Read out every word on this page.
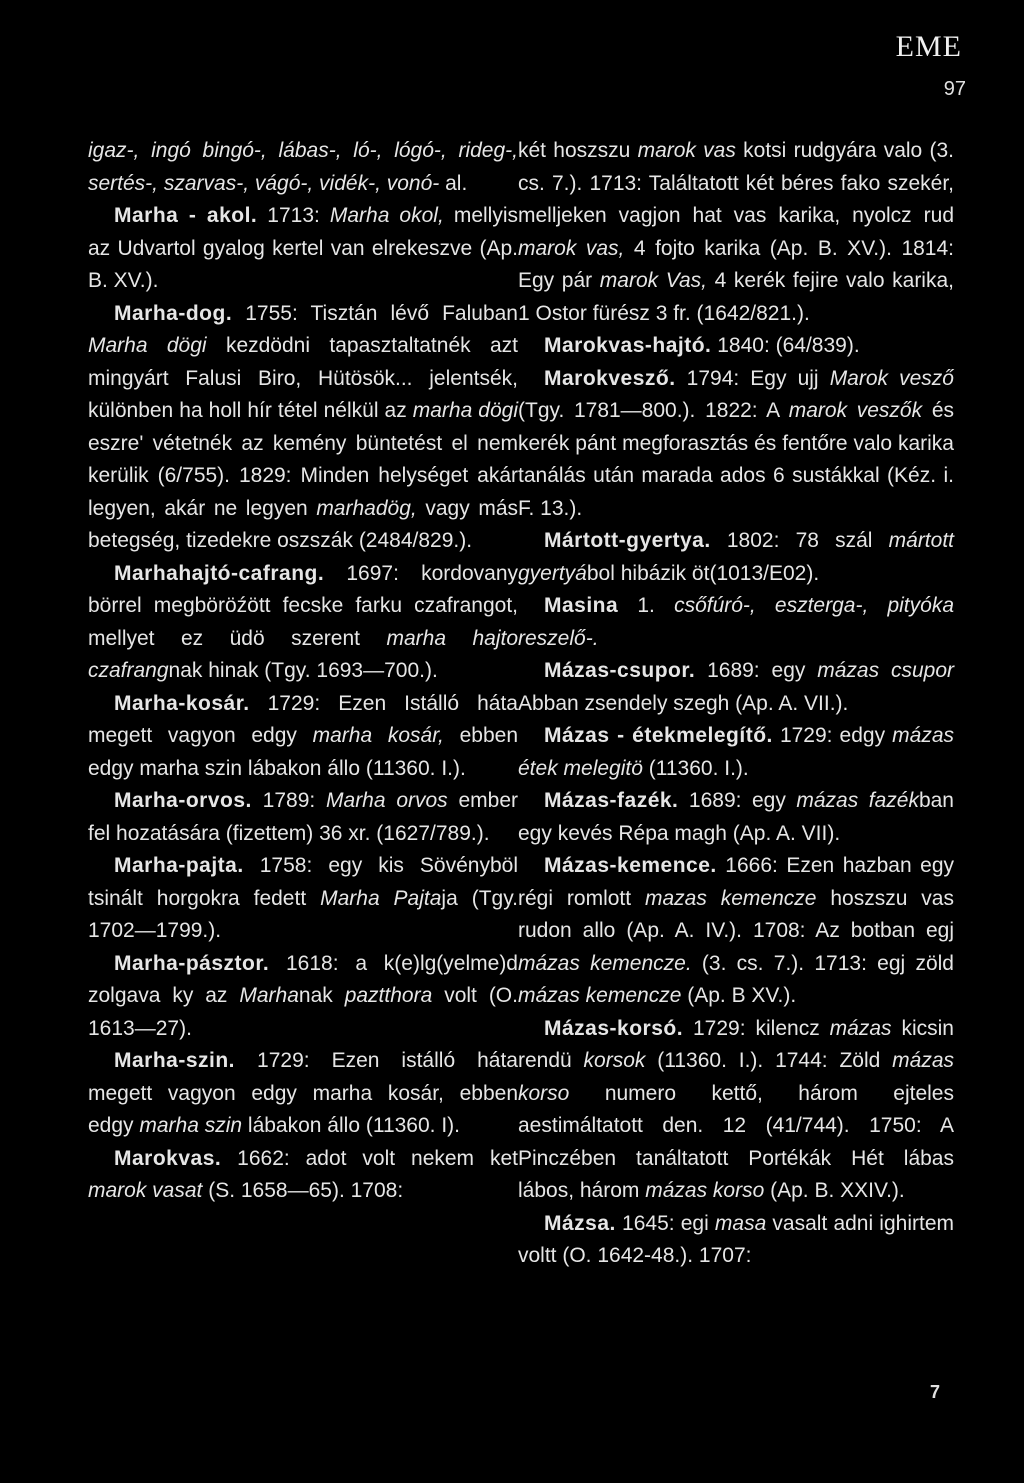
EME
97

igaz-, ingó bingó-, lábas-, ló-, lógó-, rideg-, sertés-, szarvas-, vágó-, vidék-, vonó- al.

Marha - akol. 1713: Marha okol, mellyis az Udvartol gyalog kertel van elrekeszve (Ap. B. XV.).

Marha-dog. 1755: Tisztán lévő Faluban Marha dögi kezdödni tapasztaltatnék azt mingyárt Falusi Biro, Hütösök... jelentsék, különben ha holl hír tétel nélkül az marha dögi eszre' vétetnék az kemény büntetést el nem kerülik (6/755). 1829: Minden helységet akár legyen, akár ne legyen marhadög, vagy más betegség, tizedekre oszszák (2484/829.).

Marhahajtó-cafrang. 1697: kordovany börrel megböröźött fecske farku czafrangot, mellyet ez üdö szerent marha hajto czafrangnak hinak (Tgy. 1693—700.).

Marha-kosár. 1729: Ezen Istálló háta megett vagyon edgy marha kosár, ebben edgy marha szin lábakon állo (11360. I.).

Marha-orvos. 1789: Marha orvos ember fel hozatására (fizettem) 36 xr. (1627/789.).

Marha-pajta. 1758: egy kis Sövényböl tsinált horgokra fedett Marha Pajtaja (Tgy. 1702—1799.).

Marha-pásztor. 1618: a k(e)lg(yelme)d zolgava ky az Marhanak paztthora volt (O. 1613—27).

Marha-szin. 1729: Ezen istálló háta megett vagyon edgy marha kosár, ebben edgy marha szin lábakon állo (11360. I).

Marokvas. 1662: adot volt nekem ket marok vasat (S. 1658—65). 1708:

két hoszszu marok vas kotsi rudgyára valo (3. cs. 7.). 1713: Találtatott két béres fako szekér, melljeken vagjon hat vas karika, nyolcz rud marok vas, 4 fojto karika (Ap. B. XV.). 1814: Egy pár marok Vas, 4 kerék fejire valo karika, 1 Ostor fürész 3 fr. (1642/821.).

Marokvas-hajtó. 1840: (64/839).

Marokvesző. 1794: Egy ujj Marok vesző (Tgy. 1781—800.). 1822: A marok veszők és kerék pánt megforasztás és fentőre valo karika tanálás után marada ados 6 sustákkal (Kéz. i. F. 13.).

Mártott-gyertya. 1802: 78 szál mártott gyertyábol hibázik öt(1013/E02).

Masina 1. csőfúró-, eszterga-, pityóka reszelő-.

Mázas-csupor. 1689: egy mázas csupor Abban zsendely szegh (Ap. A. VII.).

Mázas - étekmelegítő. 1729: edgy mázas étek melegitö (11360. I.).

Mázas-fazék. 1689: egy mázas fazékban egy kevés Répa magh (Ap. A. VII).

Mázas-kemence. 1666: Ezen hazban egy régi romlott mazas kemencze hoszszu vas rudon allo (Ap. A. IV.). 1708: Az botban egj mázas kemencze. (3. cs. 7.). 1713: egj zöld mázas kemencze (Ap. B XV.).

Mázas-korsó. 1729: kilencz mázas kicsin rendü korsok (11360. I.). 1744: Zöld mázas korso numero kettő, három ejteles aestimáltatott den. 12 (41/744). 1750: A Pinczében tanáltatott Portékák Hét lábas lábos, három mázas korso (Ap. B. XXIV.).

Mázsa. 1645: egi masa vasalt adni ighirtem voltt (O. 1642-48.). 1707:

7
